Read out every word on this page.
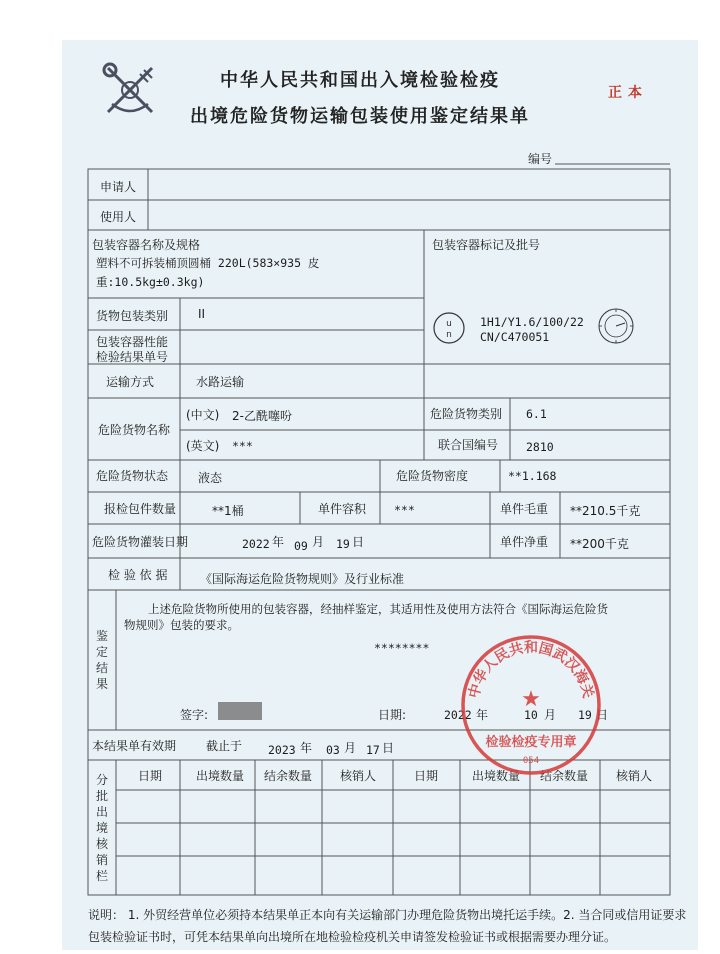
中华人民共和国出入境检验检疫
出境危险货物运输包装使用鉴定结果单
正本
编号
申请人
使用人
包装容器名称及规格
塑料不可拆装桶顶圆桶 220L(583×935 皮
重:10.5kg±0.3kg)
包装容器标记及批号
u
n
1H1/Y1.6/100/22
CN/C470051
货物包装类别 II
包装容器性能
检验结果单号
运输方式	水路运输
危险货物名称
(中文) 2-乙酰噻吩
(英文) ***
危险货物类别 6.1
联合国编号 2810
危险货物状态 液态	危险货物密度	**1.168
报检包件数量	**1桶	单件容积 ***	单件毛重 **210.5千克
危险货物灌装日期	2022 年 09 月 19 日	单件净重 **200千克
检 验 依 据	《国际海运危险货物规则》及行业标准
鉴定结果
上述危险货物所使用的包装容器，经抽样鉴定，其适用性及使用方法符合《国际海运危险货
物规则》包装的要求。
********
签字:	日期:	2022 年	10 月 19 日
本结果单有效期 截止于 2023 年 03 月 17 日
分批出境核销栏
日期	出境数量 结余数量 核销人	日期	出境数量 结余数量 核销人
中华人民共和国武汉海关
★
检验检疫专用章
054
说明： 1. 外贸经营单位必须持本结果单正本向有关运输部门办理危险货物出境托运手续。2. 当合同或信用证要求包装检验证书时，可凭本结果单向出境所在地检验检疫机关申请签发检验证书或根据需要办理分证。
